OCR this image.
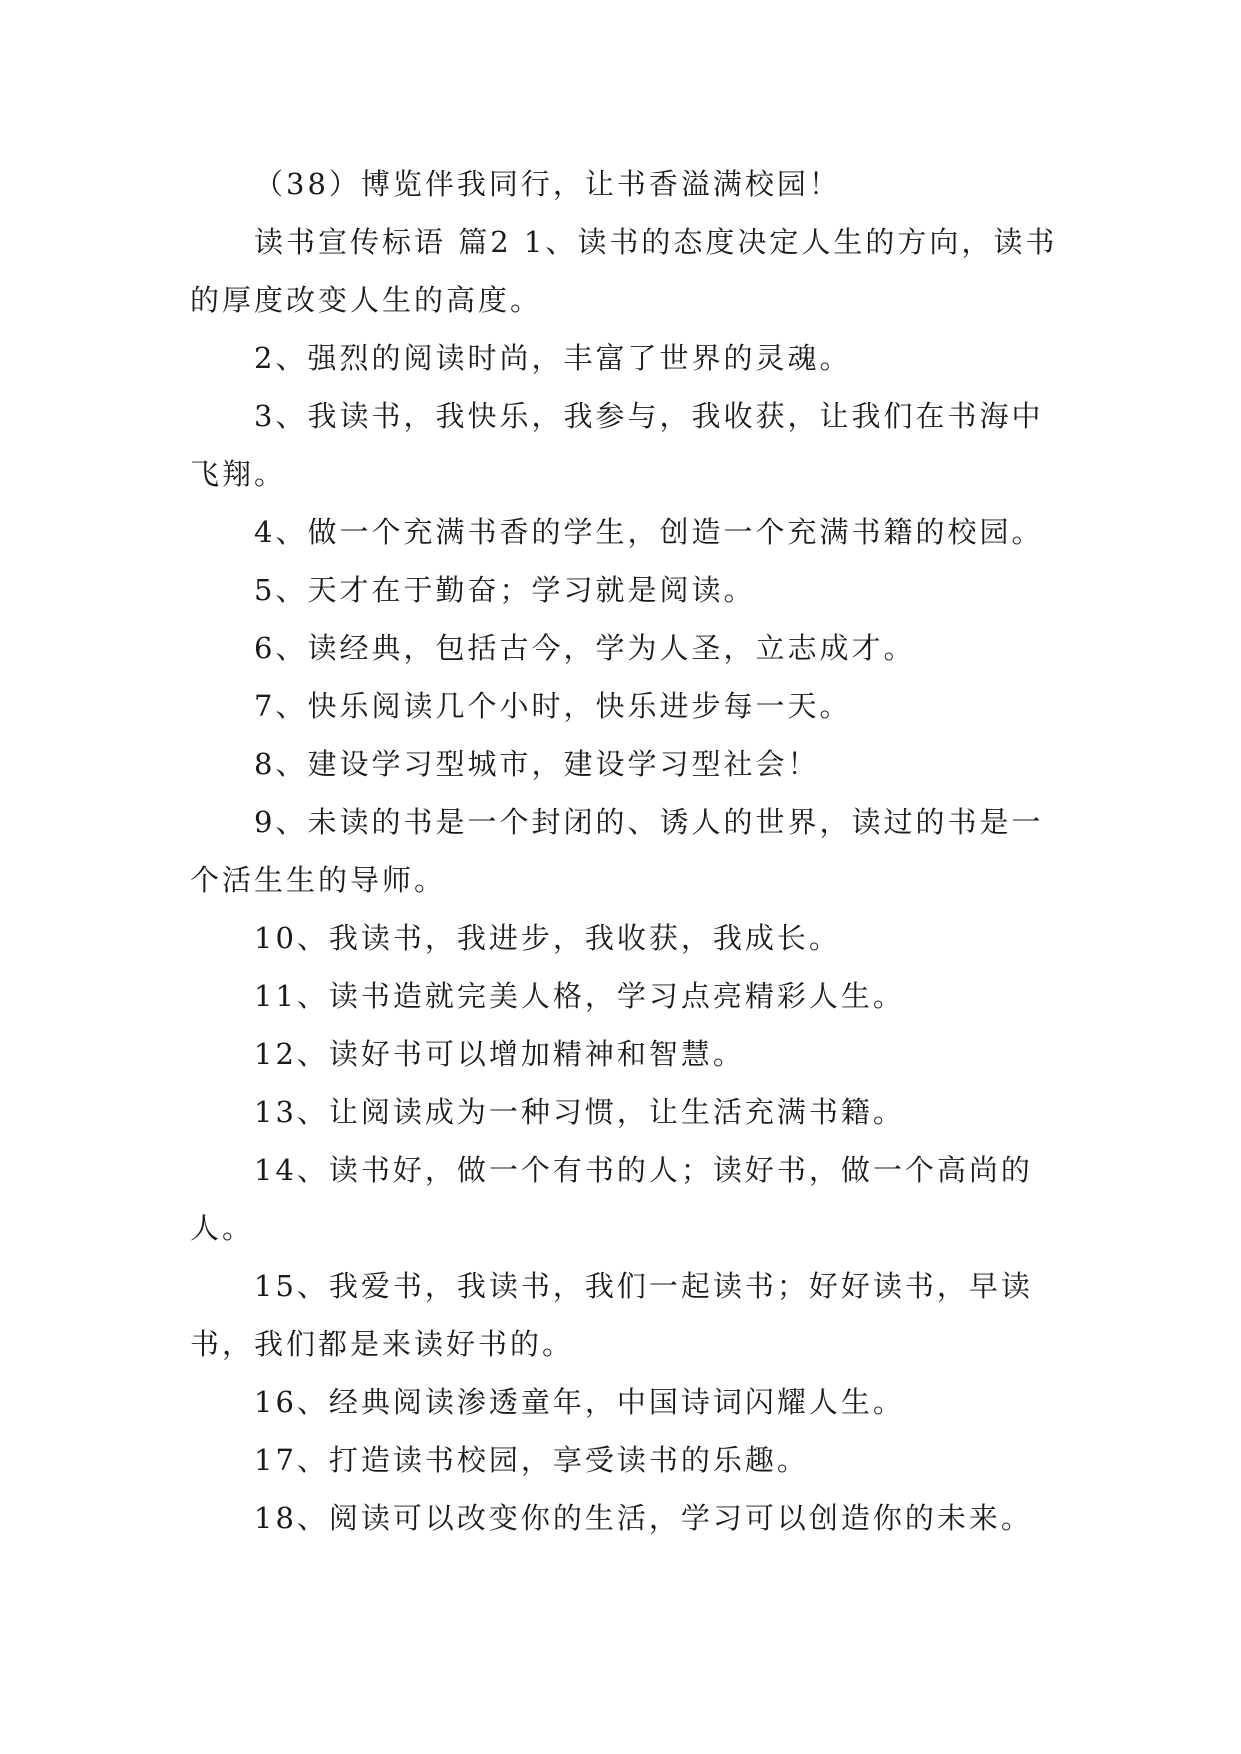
（38）博览伴我同行，让书香溢满校园！

读书宣传标语 篇2 1、读书的态度决定人生的方向，读书的厚度改变人生的高度。

2、强烈的阅读时尚，丰富了世界的灵魂。

3、我读书，我快乐，我参与，我收获，让我们在书海中飞翔。

4、做一个充满书香的学生，创造一个充满书籍的校园。

5、天才在于勤奋；学习就是阅读。

6、读经典，包括古今，学为人圣，立志成才。

7、快乐阅读几个小时，快乐进步每一天。

8、建设学习型城市，建设学习型社会！

9、未读的书是一个封闭的、诱人的世界，读过的书是一个活生生的导师。

10、我读书，我进步，我收获，我成长。

11、读书造就完美人格，学习点亮精彩人生。

12、读好书可以增加精神和智慧。

13、让阅读成为一种习惯，让生活充满书籍。

14、读书好，做一个有书的人；读好书，做一个高尚的人。

15、我爱书，我读书，我们一起读书；好好读书，早读书，我们都是来读好书的。

16、经典阅读渗透童年，中国诗词闪耀人生。

17、打造读书校园，享受读书的乐趣。

18、阅读可以改变你的生活，学习可以创造你的未来。
